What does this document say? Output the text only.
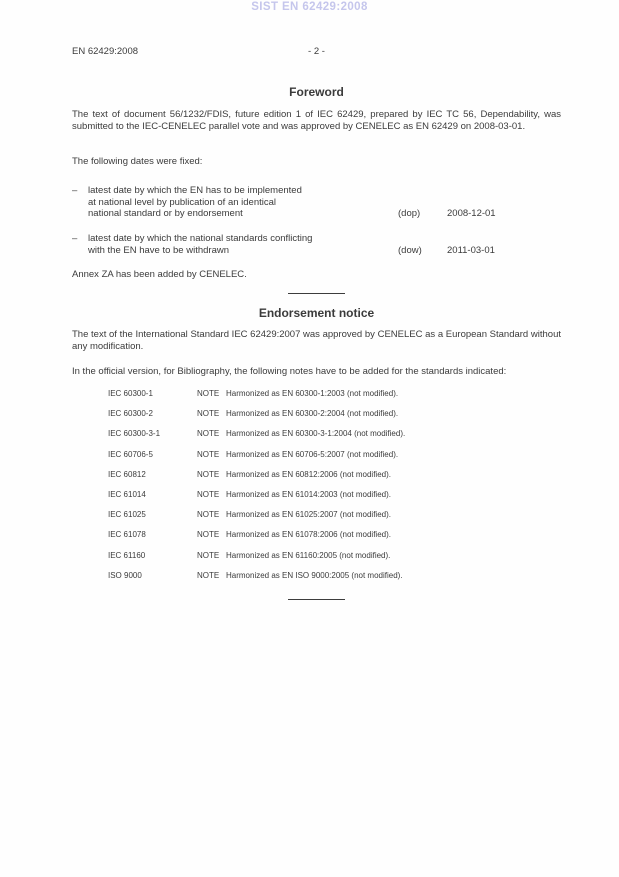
SIST EN 62429:2008
EN 62429:2008	- 2 -
Foreword
The text of document 56/1232/FDIS, future edition 1 of IEC 62429, prepared by IEC TC 56, Dependability, was submitted to the IEC-CENELEC parallel vote and was approved by CENELEC as EN 62429 on 2008-03-01.
The following dates were fixed:
–	latest date by which the EN has to be implemented
at national level by publication of an identical
national standard or by endorsement	(dop)	2008-12-01
–	latest date by which the national standards conflicting
with the EN have to be withdrawn	(dow)	2011-03-01
Annex ZA has been added by CENELEC.
Endorsement notice
The text of the International Standard IEC 62429:2007 was approved by CENELEC as a European Standard without any modification.
In the official version, for Bibliography, the following notes have to be added for the standards indicated:
IEC 60300-1	NOTE Harmonized as EN 60300-1:2003 (not modified).
IEC 60300-2	NOTE Harmonized as EN 60300-2:2004 (not modified).
IEC 60300-3-1	NOTE Harmonized as EN 60300-3-1:2004 (not modified).
IEC 60706-5	NOTE Harmonized as EN 60706-5:2007 (not modified).
IEC 60812	NOTE Harmonized as EN 60812:2006 (not modified).
IEC 61014	NOTE Harmonized as EN 61014:2003 (not modified).
IEC 61025	NOTE Harmonized as EN 61025:2007 (not modified).
IEC 61078	NOTE Harmonized as EN 61078:2006 (not modified).
IEC 61160	NOTE Harmonized as EN 61160:2005 (not modified).
ISO 9000	NOTE Harmonized as EN ISO 9000:2005 (not modified).
